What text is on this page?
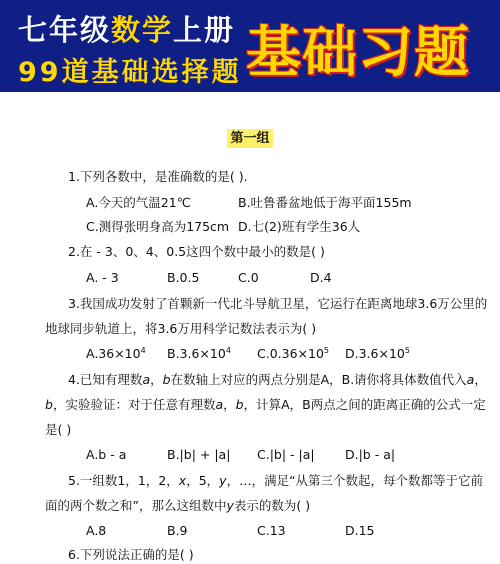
七年级数学上册
99道基础选择题 基础习题
第一组
1.下列各数中，是准确数的是( ).
A.今天的气温21℃	B.吐鲁番盆地低于海平面155m
C.测得张明身高为175cm D.七(2)班有学生36人
2.在 - 3、0、4、0.5这四个数中最小的数是( )
A. - 3	B.0.5	C.0	D.4
3.我国成功发射了首颗新一代北斗导航卫星，它运行在距离地球3.6万公里的
地球同步轨道上，将3.6万用科学记数法表示为( )
$A.36\times 10^4$ $B.3.6\times 10^4$ $C.0.36\times 10^5$ $D.3.6\times 10^5$
4.已知有理数a，b在数轴上对应的两点分别是A，B.请你将具体数值代入a，
b，实验验证：对于任意有理数a，b，计算A，B两点之间的距离正确的公式一定
是( )
A.b - a	B.|b| + |a| C.|b| - |a| D.|b - a|
5.一组数1，1，2，x，5，y，…，满足“从第三个数起，每个数都等于它前
面的两个数之和”，那么这组数中y表示的数为( )
A.8	B.9	C.13	D.15
6.下列说法正确的是( )
